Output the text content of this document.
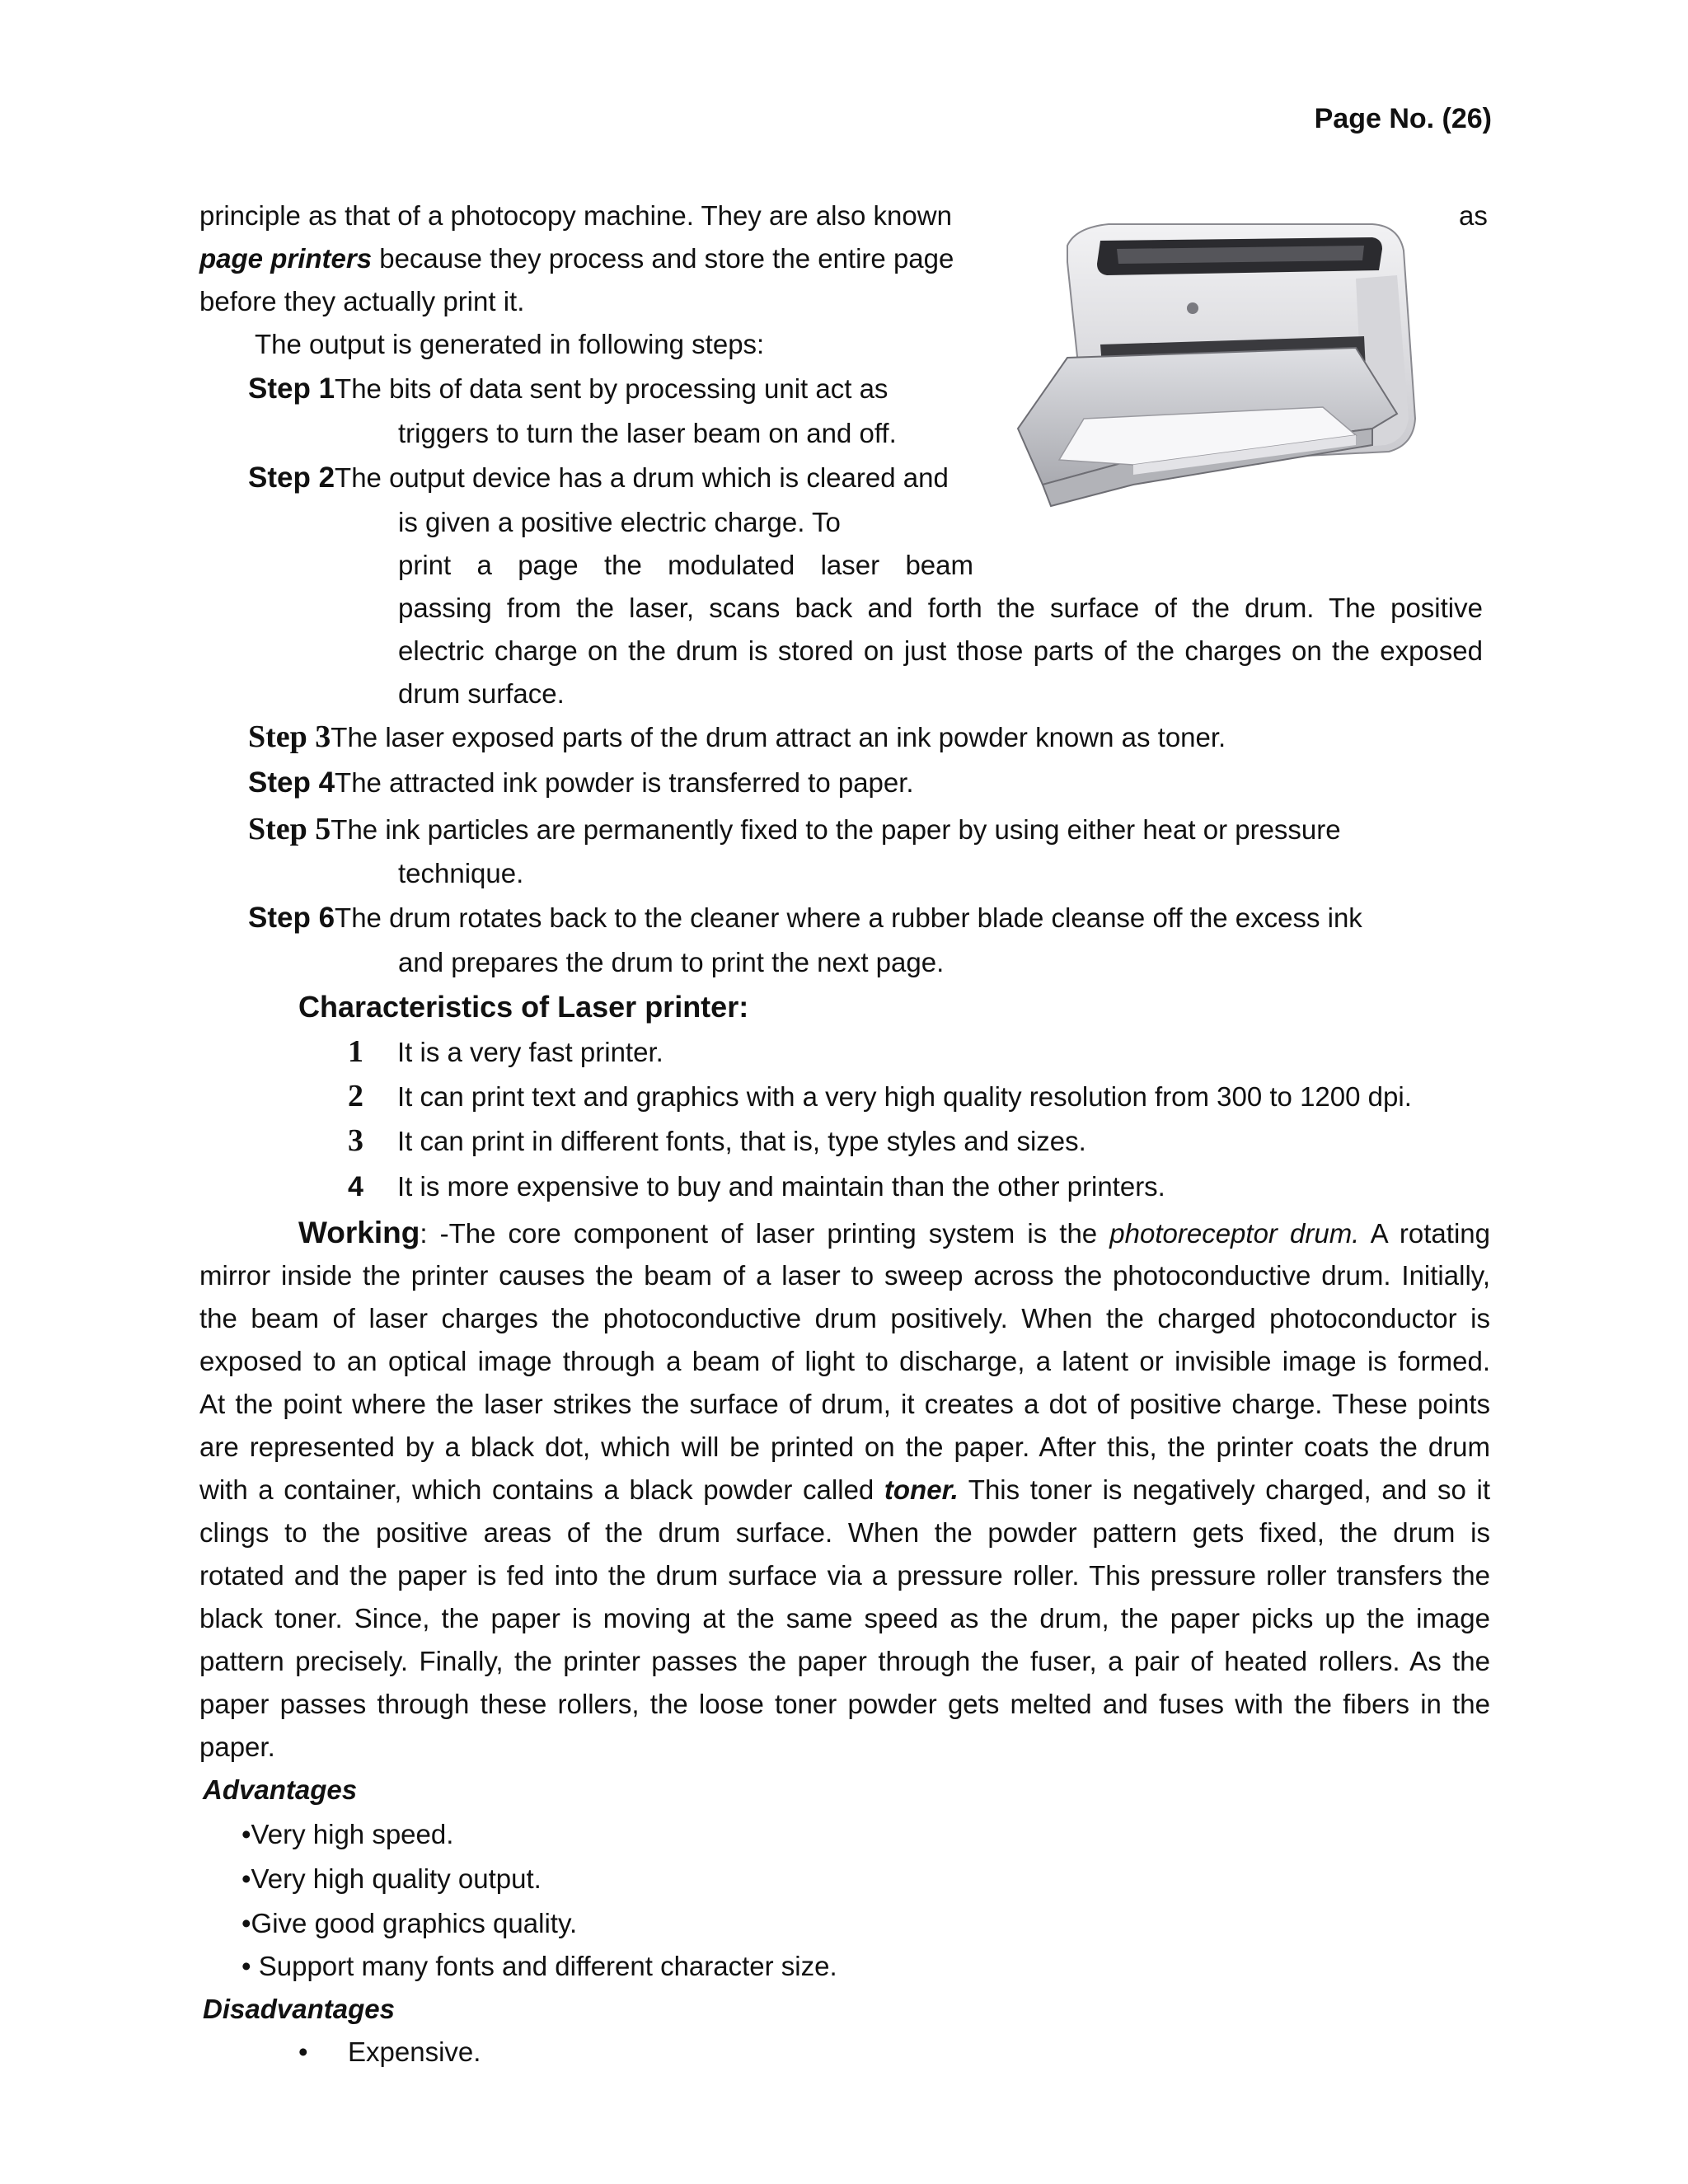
Page No. (26)
principle as that of a photocopy machine. They are also known	as
page printers because they process and store the entire page
before they actually print it.
The output is generated in following steps:
Step 1The bits of data sent by processing unit act as
triggers to turn the laser beam on and off.
Step 2The output device has a drum which is cleared and
is given a positive electric charge. To
print a page the modulated laser beam
passing from the laser, scans back and forth the surface of the drum. The positive
electric charge on the drum is stored on just those parts of the charges on the exposed
drum surface.
Step 3The laser exposed parts of the drum attract an ink powder known as toner.
Step 4The attracted ink powder is transferred to paper.
Step 5The ink particles are permanently fixed to the paper by using either heat or pressure
technique.
Step 6The drum rotates back to the cleaner where a rubber blade cleanse off the excess ink
and prepares the drum to print the next page.
Characteristics of Laser printer:
1 It is a very fast printer.
2 It can print text and graphics with a very high quality resolution from 300 to 1200 dpi.
3 It can print in different fonts, that is, type styles and sizes.
4 It is more expensive to buy and maintain than the other printers.
Working: -The core component of laser printing system is the photoreceptor drum. A rotating
mirror inside the printer causes the beam of a laser to sweep across the photoconductive drum. Initially,
the beam of laser charges the photoconductive drum positively. When the charged photoconductor is
exposed to an optical image through a beam of light to discharge, a latent or invisible image is formed.
At the point where the laser strikes the surface of drum, it creates a dot of positive charge. These points
are represented by a black dot, which will be printed on the paper. After this, the printer coats the drum
with a container, which contains a black powder called toner. This toner is negatively charged, and so it
clings to the positive areas of the drum surface. When the powder pattern gets fixed, the drum is
rotated and the paper is fed into the drum surface via a pressure roller. This pressure roller transfers the
black toner. Since, the paper is moving at the same speed as the drum, the paper picks up the image
pattern precisely. Finally, the printer passes the paper through the fuser, a pair of heated rollers. As the
paper passes through these rollers, the loose toner powder gets melted and fuses with the fibers in the
paper.
Advantages
•Very high speed.
•Very high quality output.
•Give good graphics quality.
• Support many fonts and different character size.
Disadvantages
• Expensive.
